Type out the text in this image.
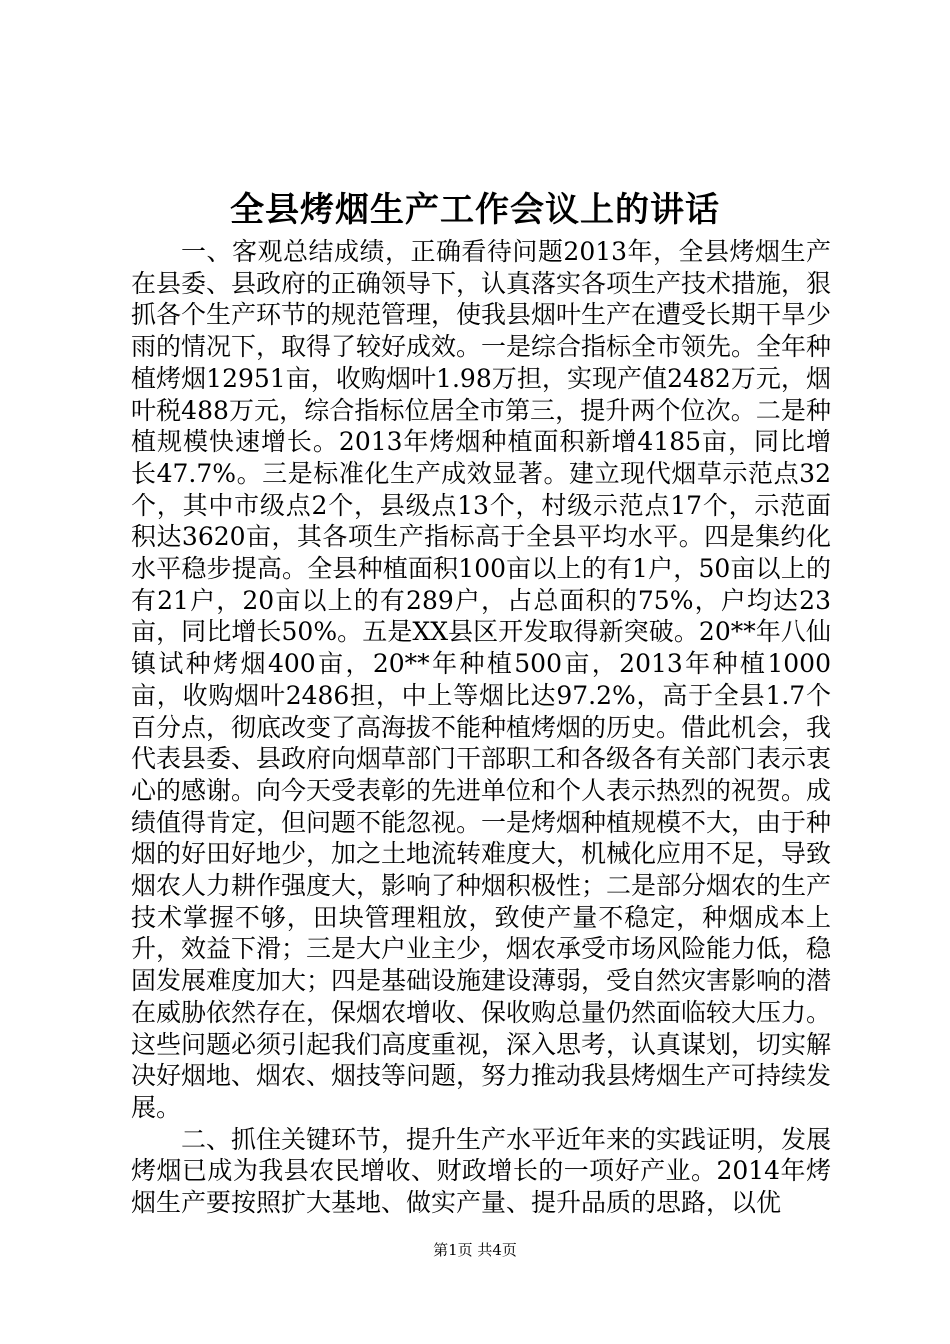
全县烤烟生产工作会议上的讲话

一、客观总结成绩，正确看待问题2013年，全县烤烟生产在县委、县政府的正确领导下，认真落实各项生产技术措施，狠抓各个生产环节的规范管理，使我县烟叶生产在遭受长期干旱少雨的情况下，取得了较好成效。一是综合指标全市领先。全年种植烤烟12951亩，收购烟叶1.98万担，实现产值2482万元，烟叶税488万元，综合指标位居全市第三，提升两个位次。二是种植规模快速增长。2013年烤烟种植面积新增4185亩，同比增长47.7%。三是标准化生产成效显著。建立现代烟草示范点32个，其中市级点2个，县级点13个，村级示范点17个，示范面积达3620亩，其各项生产指标高于全县平均水平。四是集约化水平稳步提高。全县种植面积100亩以上的有1户，50亩以上的有21户，20亩以上的有289户，占总面积的75%，户均达23亩，同比增长50%。五是XX县区开发取得新突破。20**年八仙镇试种烤烟400亩，20**年种植500亩，2013年种植1000亩，收购烟叶2486担，中上等烟比达97.2%，高于全县1.7个百分点，彻底改变了高海拔不能种植烤烟的历史。借此机会，我代表县委、县政府向烟草部门干部职工和各级各有关部门表示衷心的感谢。向今天受表彰的先进单位和个人表示热烈的祝贺。成绩值得肯定，但问题不能忽视。一是烤烟种植规模不大，由于种烟的好田好地少，加之土地流转难度大，机械化应用不足，导致烟农人力耕作强度大，影响了种烟积极性；二是部分烟农的生产技术掌握不够，田块管理粗放，致使产量不稳定，种烟成本上升，效益下滑；三是大户业主少，烟农承受市场风险能力低，稳固发展难度加大；四是基础设施建设薄弱，受自然灾害影响的潜在威胁依然存在，保烟农增收、保收购总量仍然面临较大压力。这些问题必须引起我们高度重视，深入思考，认真谋划，切实解决好烟地、烟农、烟技等问题，努力推动我县烤烟生产可持续发展。

二、抓住关键环节，提升生产水平近年来的实践证明，发展烤烟已成为我县农民增收、财政增长的一项好产业。2014年烤烟生产要按照扩大基地、做实产量、提升品质的思路，以优

第1页 共4页
